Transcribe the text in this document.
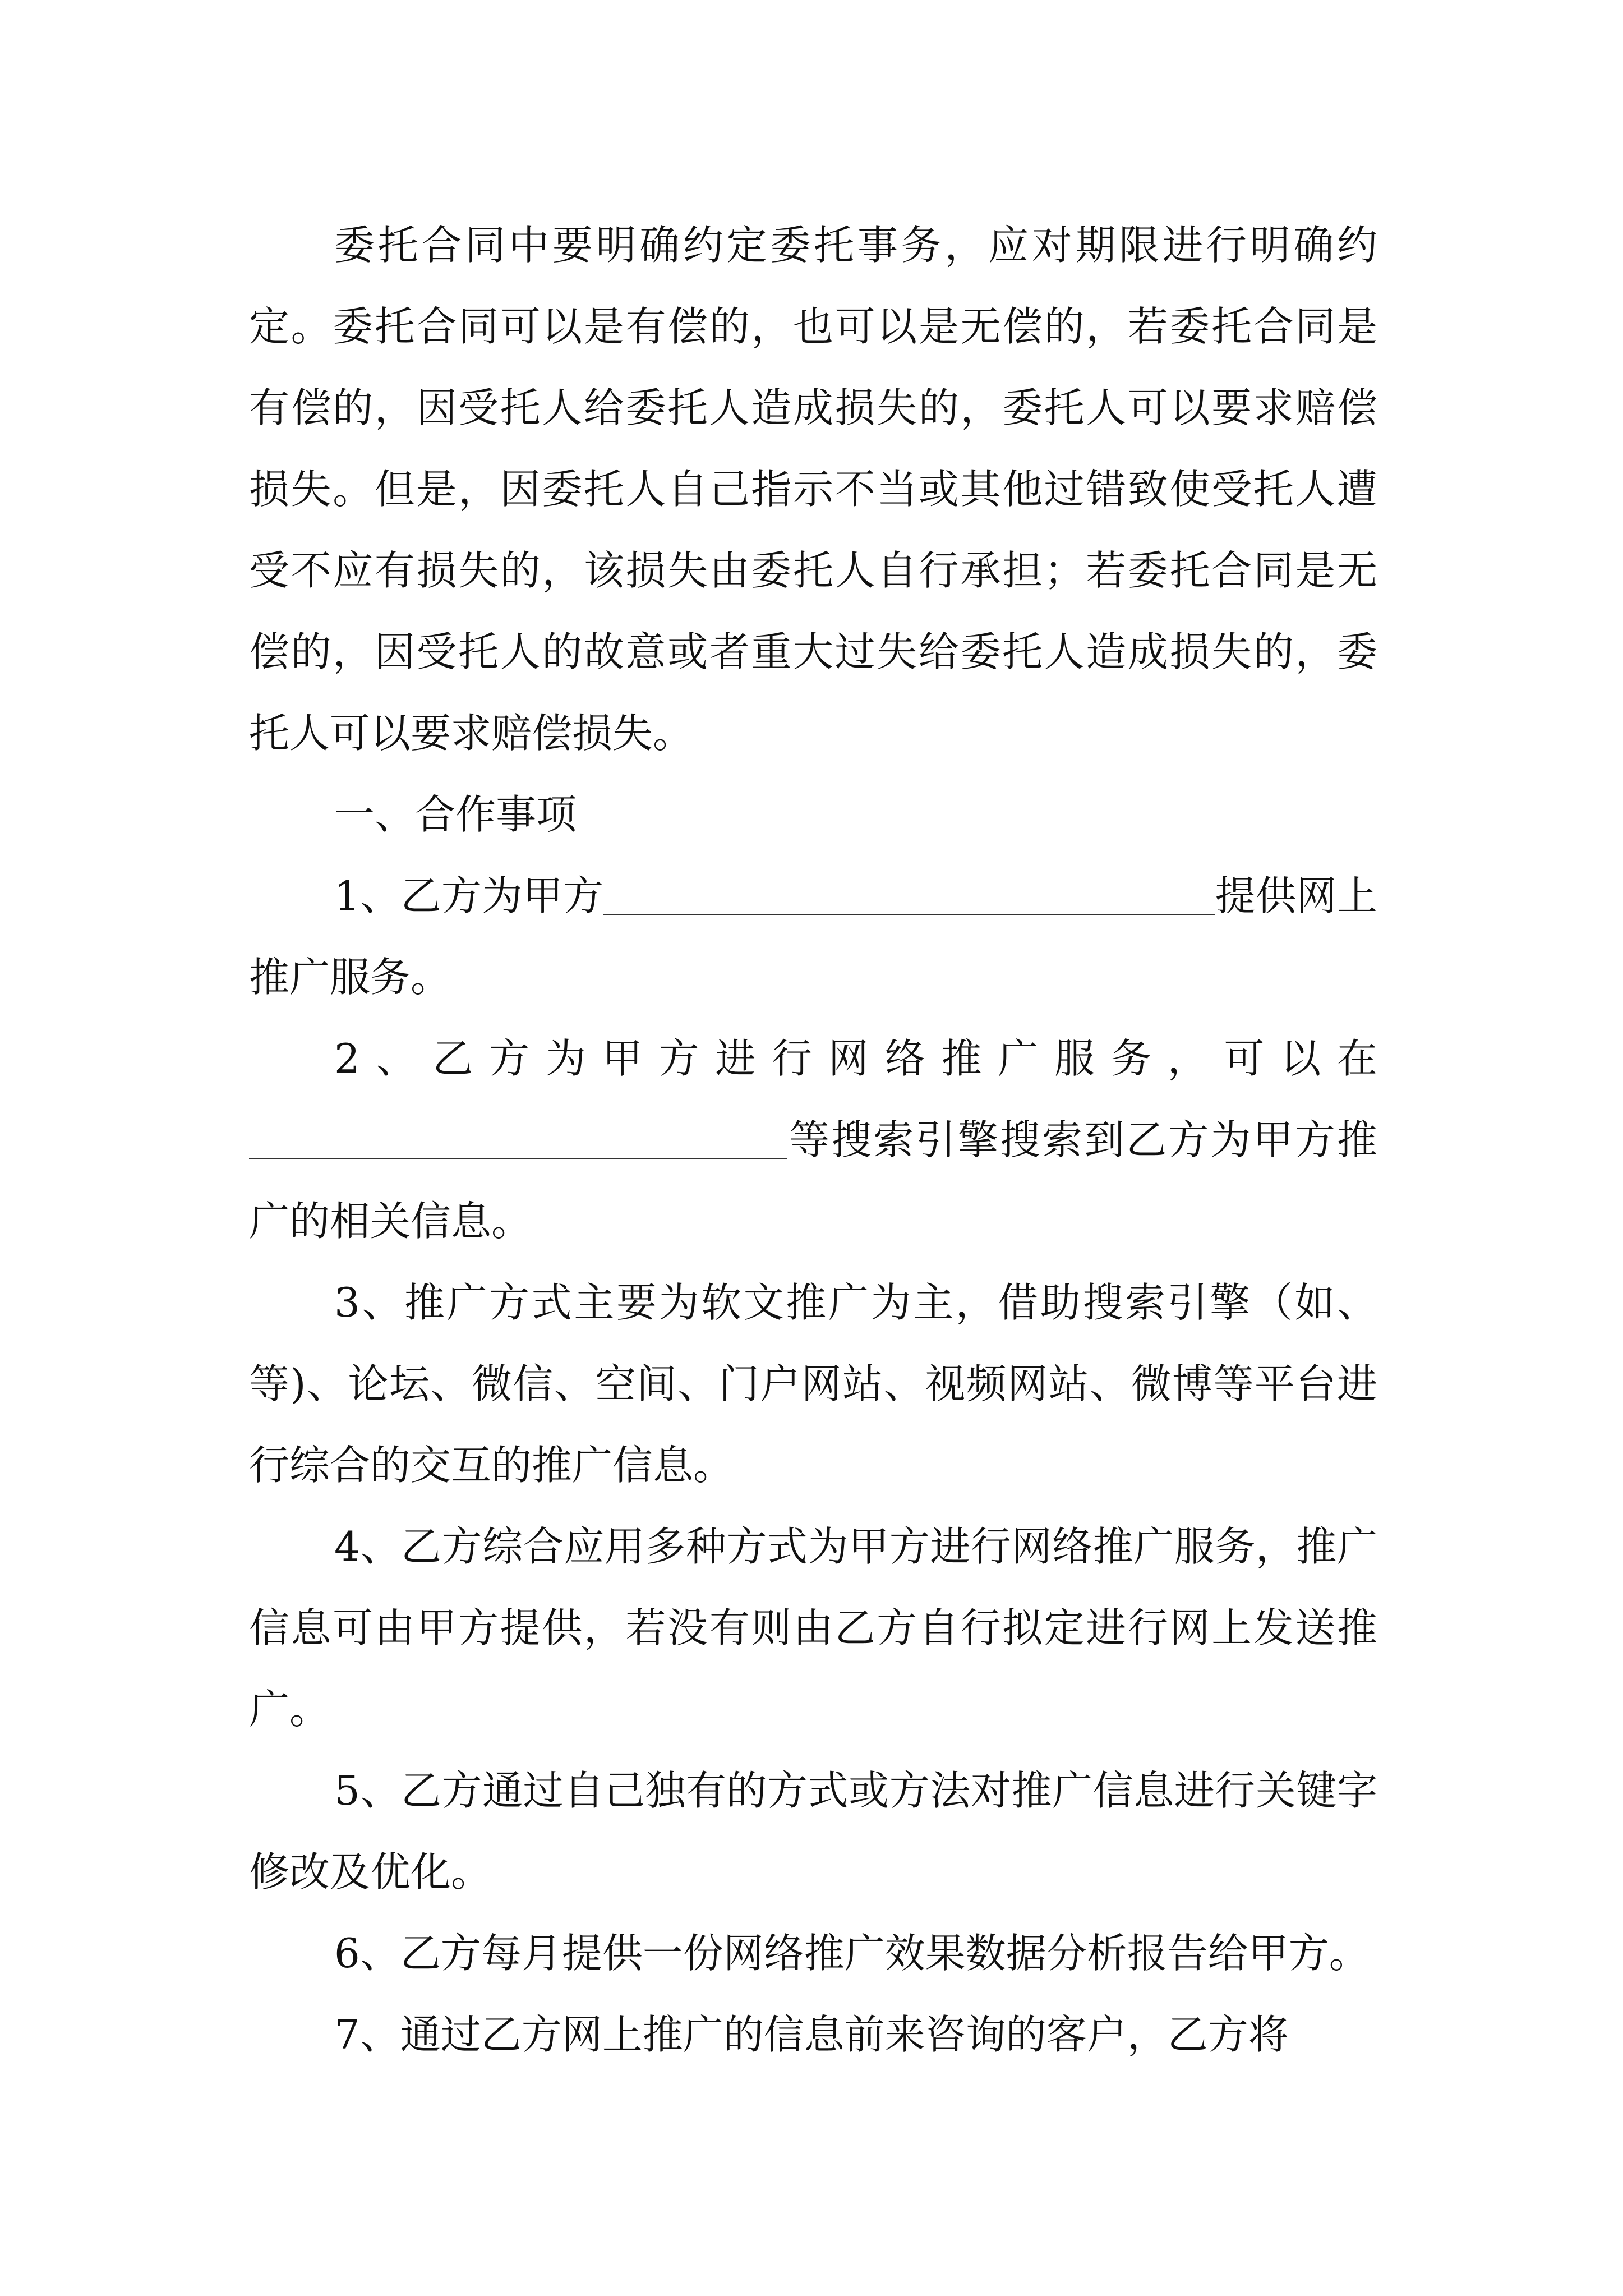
委托合同中要明确约定委托事务，应对期限进行明确约定。委托合同可以是有偿的，也可以是无偿的，若委托合同是有偿的，因受托人给委托人造成损失的，委托人可以要求赔偿损失。但是，因委托人自己指示不当或其他过错致使受托人遭受不应有损失的，该损失由委托人自行承担；若委托合同是无偿的，因受托人的故意或者重大过失给委托人造成损失的，委托人可以要求赔偿损失。

一、合作事项

1、乙方为甲方	提供网上推广服务。

2、乙方为甲方进行网络推广服务，可以在等搜索引擎搜索到乙方为甲方推广的相关信息。

3、推广方式主要为软文推广为主，借助搜索引擎（如、等)、论坛、微信、空间、门户网站、视频网站、微博等平台进行综合的交互的推广信息。

4、乙方综合应用多种方式为甲方进行网络推广服务，推广信息可由甲方提供，若没有则由乙方自行拟定进行网上发送推广。

5、乙方通过自己独有的方式或方法对推广信息进行关键字修改及优化。

6、乙方每月提供一份网络推广效果数据分析报告给甲方。

7、通过乙方网上推广的信息前来咨询的客户，乙方将
